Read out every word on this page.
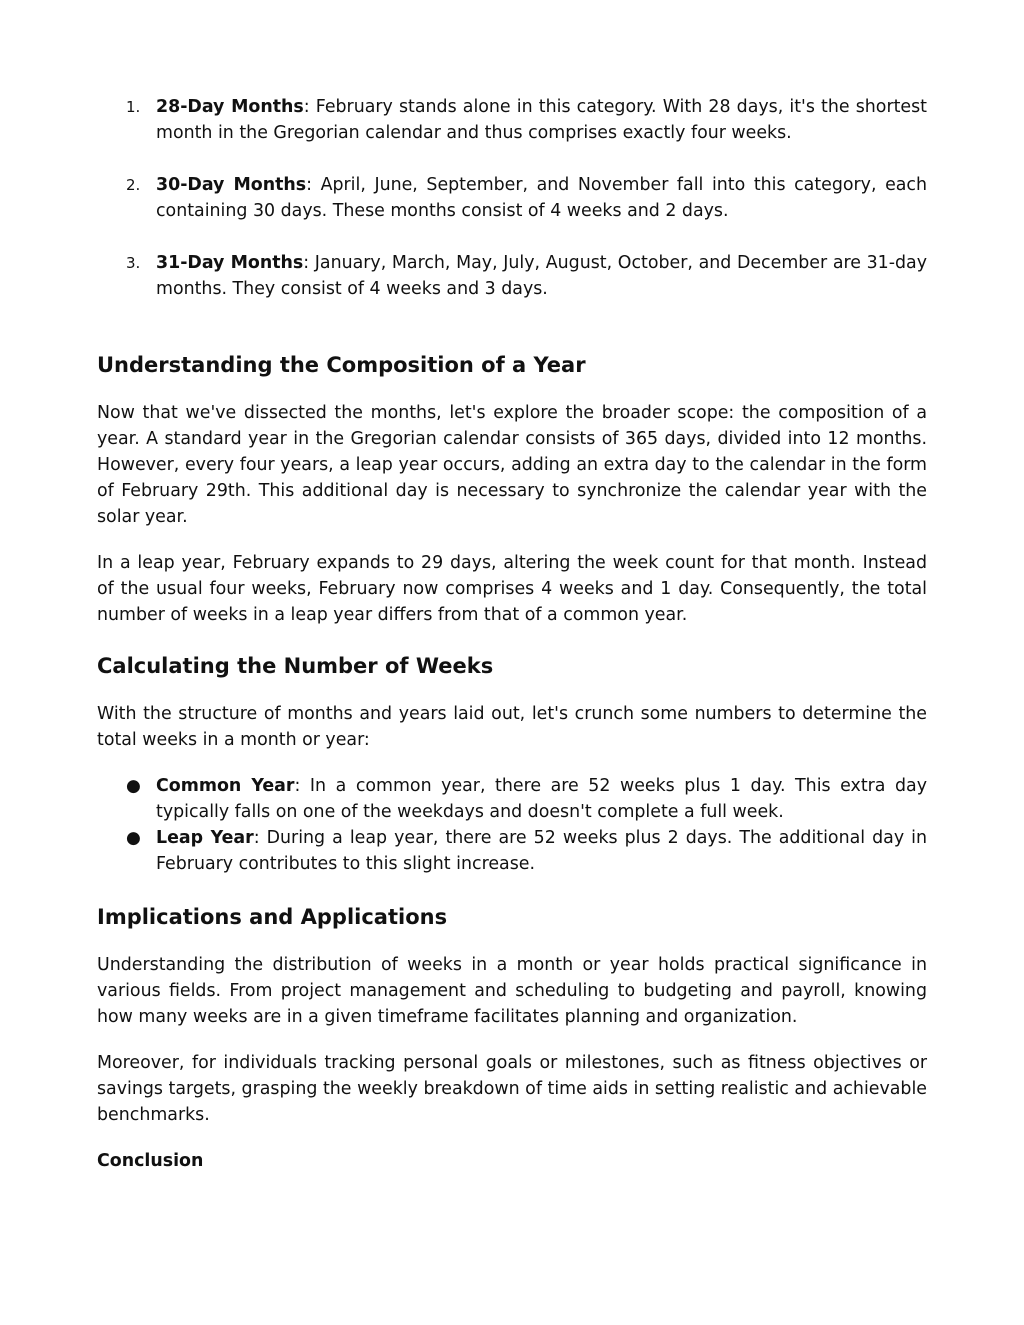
1. 28-Day Months: February stands alone in this category. With 28 days, it's the shortest month in the Gregorian calendar and thus comprises exactly four weeks.

2. 30-Day Months: April, June, September, and November fall into this category, each containing 30 days. These months consist of 4 weeks and 2 days.

3. 31-Day Months: January, March, May, July, August, October, and December are 31-day months. They consist of 4 weeks and 3 days.

Understanding the Composition of a Year

Now that we've dissected the months, let's explore the broader scope: the composition of a year. A standard year in the Gregorian calendar consists of 365 days, divided into 12 months. However, every four years, a leap year occurs, adding an extra day to the calendar in the form of February 29th. This additional day is necessary to synchronize the calendar year with the solar year.

In a leap year, February expands to 29 days, altering the week count for that month. Instead of the usual four weeks, February now comprises 4 weeks and 1 day. Consequently, the total number of weeks in a leap year differs from that of a common year.

Calculating the Number of Weeks

With the structure of months and years laid out, let's crunch some numbers to determine the total weeks in a month or year:

● Common Year: In a common year, there are 52 weeks plus 1 day. This extra day typically falls on one of the weekdays and doesn't complete a full week.

● Leap Year: During a leap year, there are 52 weeks plus 2 days. The additional day in February contributes to this slight increase.

Implications and Applications

Understanding the distribution of weeks in a month or year holds practical significance in various fields. From project management and scheduling to budgeting and payroll, knowing how many weeks are in a given timeframe facilitates planning and organization.

Moreover, for individuals tracking personal goals or milestones, such as fitness objectives or savings targets, grasping the weekly breakdown of time aids in setting realistic and achievable benchmarks.

Conclusion
